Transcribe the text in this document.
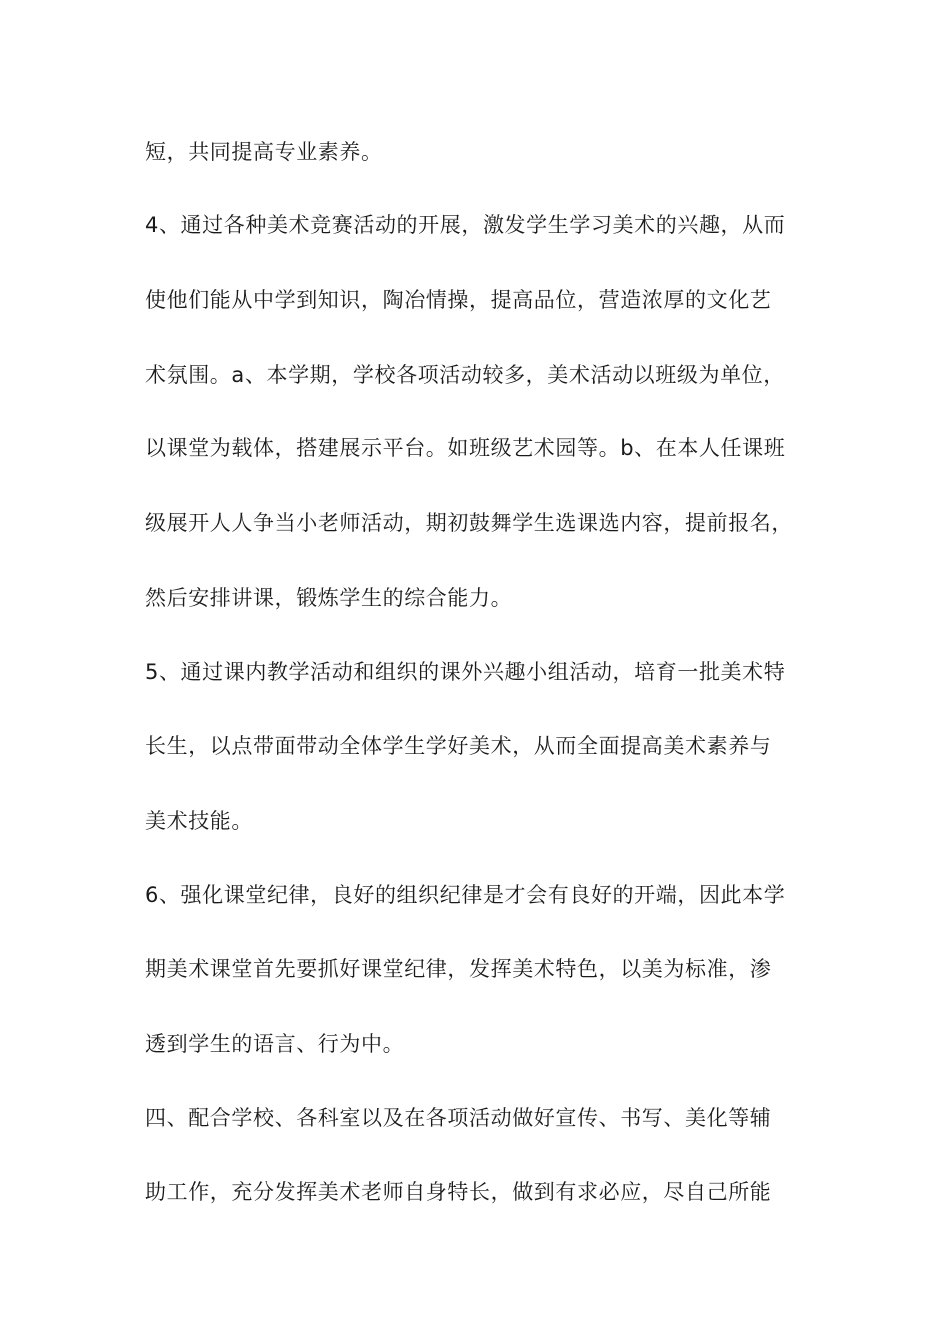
短，共同提高专业素养。

4、通过各种美术竞赛活动的开展，激发学生学习美术的兴趣，从而

使他们能从中学到知识，陶冶情操，提高品位，营造浓厚的文化艺

术氛围。a、本学期，学校各项活动较多，美术活动以班级为单位，

以课堂为载体，搭建展示平台。如班级艺术园等。b、在本人任课班

级展开人人争当小老师活动，期初鼓舞学生选课选内容，提前报名，

然后安排讲课，锻炼学生的综合能力。

5、通过课内教学活动和组织的课外兴趣小组活动，培育一批美术特

长生，以点带面带动全体学生学好美术，从而全面提高美术素养与

美术技能。

6、强化课堂纪律，良好的组织纪律是才会有良好的开端，因此本学

期美术课堂首先要抓好课堂纪律，发挥美术特色，以美为标准，渗

透到学生的语言、行为中。

四、配合学校、各科室以及在各项活动做好宣传、书写、美化等辅

助工作，充分发挥美术老师自身特长，做到有求必应，尽自己所能
